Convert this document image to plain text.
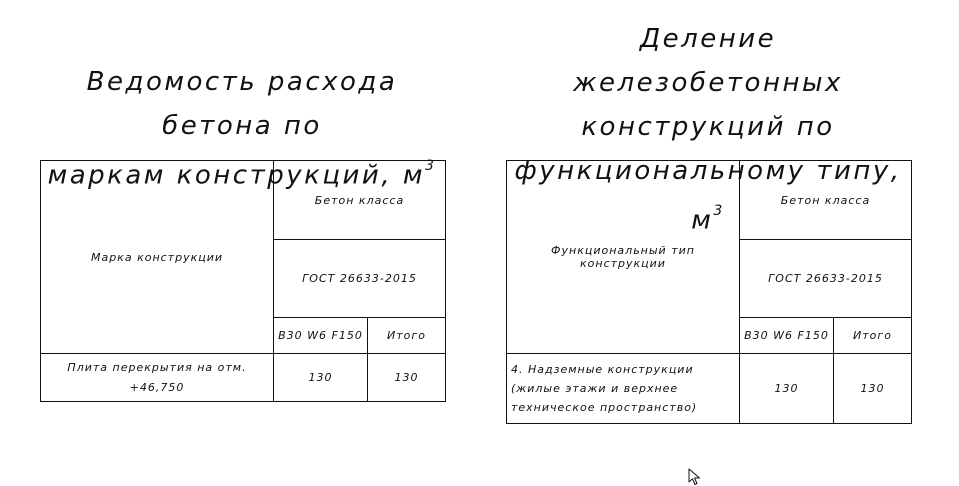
Ведомость расхода бетона по
маркам конструкций, $м^3$
Деление железобетонных
конструкций по
функциональному типу, $м^3$
Марка конструкции	Бетон класса	
	ГОСТ 26633-2015	
	B30 W6 F150	Итого
Плита перекрытия на отм. +46,750	130	130
Функциональный тип конструкции	Бетон класса	
	ГОСТ 26633-2015	
	B30 W6 F150	Итого
4. Надземные конструкции (жилые этажи и верхнее техническое пространство)	130	130
